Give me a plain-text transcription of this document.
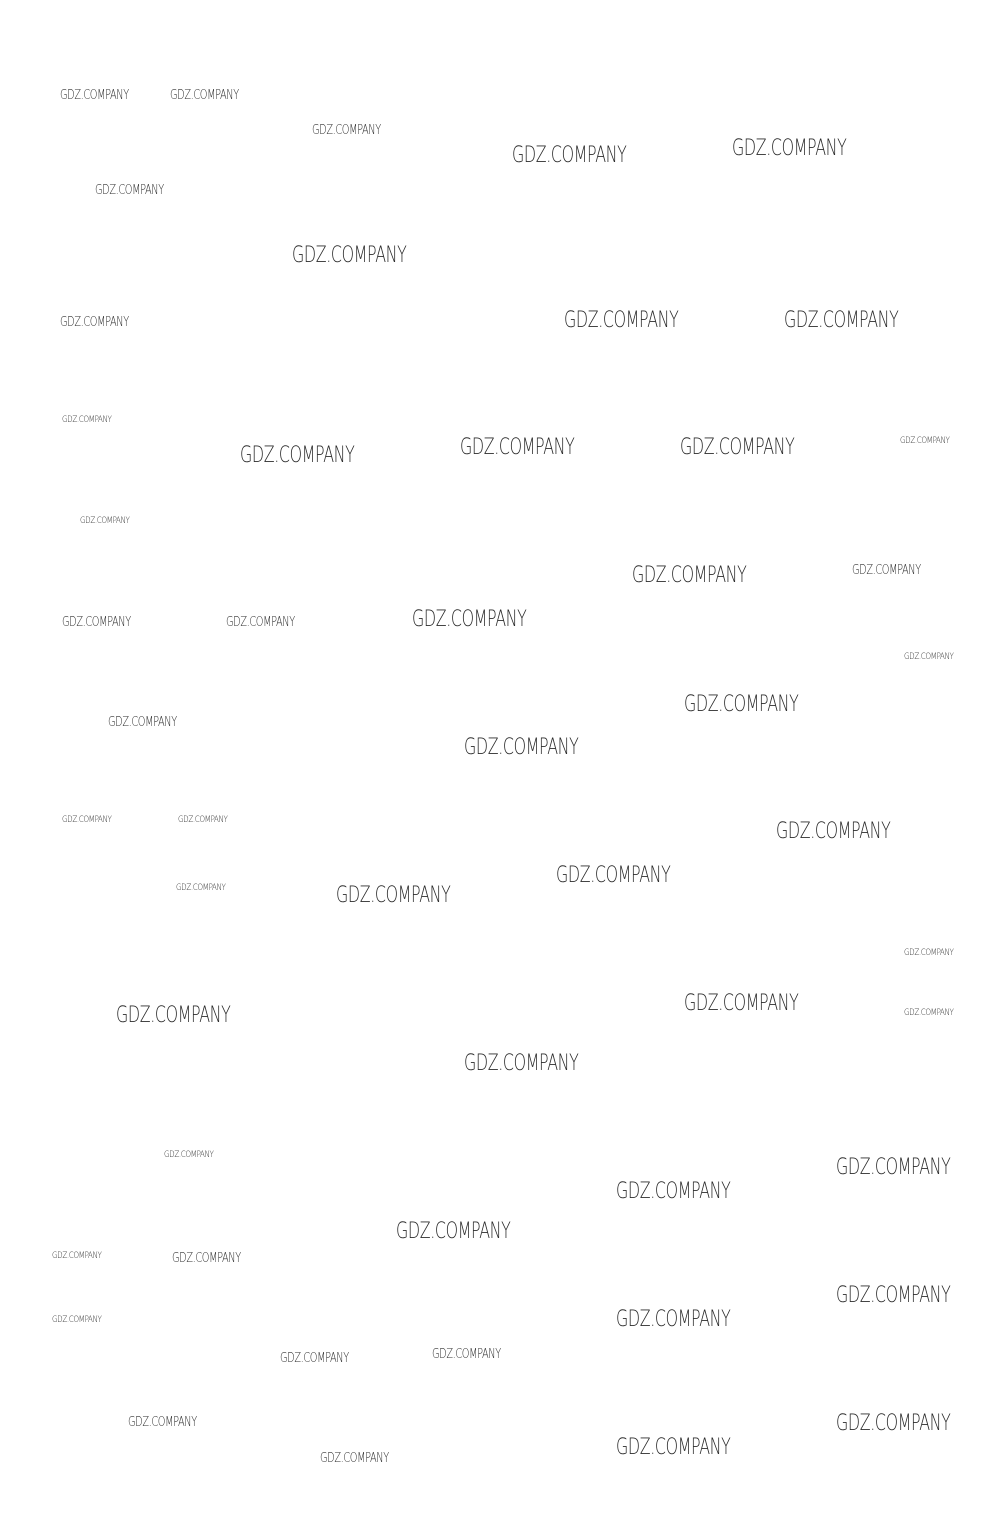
GDZ.COMPANY	GDZ.COMPANY
GDZ.COMPANY
GDZ.COMPANY	GDZ.COMPANY
GDZ.COMPANY
GDZ.COMPANY
GDZ.COMPANY	GDZ.COMPANY
GDZ.COMPANY
GDZ.COMPANY
GDZ.COMPANY	GDZ.COMPANY	GDZ.COMPANY	GDZ.COMPANY
GDZ.COMPANY
GDZ.COMPANY	GDZ.COMPANY
GDZ.COMPANY
GDZ.COMPANY	GDZ.COMPANY
GDZ.COMPANY
GDZ.COMPANY
GDZ.COMPANY
GDZ.COMPANY
GDZ.COMPANY	GDZ.COMPANY	GDZ.COMPANY
GDZ.COMPANY
GDZ.COMPANY	GDZ.COMPANY
GDZ.COMPANY
GDZ.COMPANY
GDZ.COMPANY	GDZ.COMPANY
GDZ.COMPANY
GDZ.COMPANY
GDZ.COMPANY
GDZ.COMPANY
GDZ.COMPANY
GDZ.COMPANY	GDZ.COMPANY
GDZ.COMPANY
GDZ.COMPANY
GDZ.COMPANY
GDZ.COMPANY	GDZ.COMPANY
GDZ.COMPANY
GDZ.COMPANY
GDZ.COMPANY
GDZ.COMPANY
